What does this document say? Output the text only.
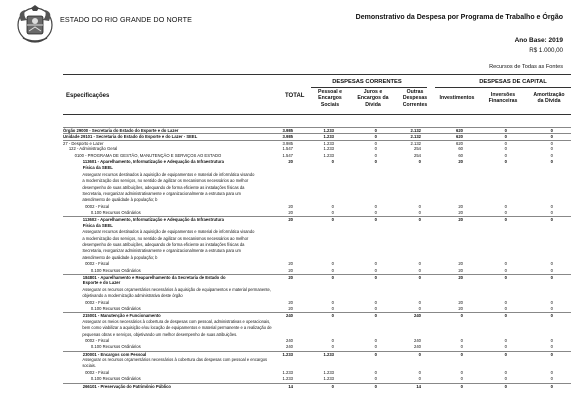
ESTADO DO RIO GRANDE DO NORTE	Demonstrativo da Despesa por Programa de Trabalho e Órgão
Ano Base: 2019
R$ 1.000,00
Recursos de Todas as Fontes
DESPESAS CORRENTES	DESPESAS DE CAPITAL
Especificações	TOTAL
Pessoal e
Encargos
Sociais
Juros e
Encargos da
Dívida
Outras
Despesas
Correntes
Investimentos	Inversões
Financeiras
Amortização
da Dívida
Órgão 29000 - Secretaria do Estado do Esporte e do Lazer	3.985	1.233	0	2.132	620	0	0
Unidade 29101 - Secretaria do Estado do Esporte e do Lazer - SEEL	3.985	1.233	0	2.132	620	0	0
27 - Desporto e Lazer	3.985	1.233	0	2.132	620	0	0
122 - Administração Geral	1.547	1.233	0	254	60	0	0
0100 - PROGRAMA DE GESTÃO, MANUTENÇÃO E SERVIÇOS AO ESTADO	1.547	1.233	0	254	60	0	0
113601 - Aparelhamento, Informatização e Adequação da Infraestrutura	20	0	0	0	20	0	0
Física da SEEL
Assegurar recursos destinados à aquisição de equipamentos e material de informática visando
a modernização dos serviços, no sentido de agilizar os mecanismos necessários ao melhor
desempenho de suas atribuições, adequando de forma eficiente as instalações físicas da
Secretaria, reorganizar administrativamente e organizacionalmente a estrutura para um
atendimento de qualidade à população; b
0002 - Fiscal	20	0	0	0	20	0	0
0.100 Recursos Ordinários	20	0	0	0	20	0	0
113602 - Aparelhamento, Informatização e Adequação da Infraestrutura	20	0	0	0	20	0	0
Física da SEEL
Assegurar recursos destinados à aquisição de equipamentos e material de informática visando
a modernização dos serviços, no sentido de agilizar os mecanismos necessários ao melhor
desempenho de suas atribuições, adequando de forma eficiente as instalações físicas da
Secretaria, reorganizar administrativamente e organizacionalmente a estrutura para um
atendimento de qualidade à população; b
0002 - Fiscal	20	0	0	0	20	0	0
0.100 Recursos Ordinários	20	0	0	0	20	0	0
184801 - Aparelhamento e Reaparelhamento da Secretaria de Estado do	20	0	0	0	20	0	0
Esporte e do Lazer
Assegurar os recursos orçamentários necessários à aquisição de equipamentos e material permanente,
objetivando a modernização administrativa deste órgão
0002 - Fiscal	20	0	0	0	20	0	0
0.100 Recursos Ordinários	20	0	0	0	20	0	0
215001 - Manutenção e Funcionamento	240	0	0	240	0	0	0
Assegurar os meios necessários à cobertura de despesas com pessoal, administrativas e operacionais,
bem como viabilizar a aquisição e/ou locação de equipamentos e material permanente e a realização de
pequenas obras e serviços, objetivando um melhor desempenho de suas atribuições.
0002 - Fiscal	240	0	0	240	0	0	0
0.100 Recursos Ordinários	240	0	0	240	0	0	0
230001 - Encargos com Pessoal	1.233	1.233	0	0	0	0	0
Assegurar os recursos orçamentários necessários à cobertura das despesas com pessoal e encargos
sociais.
0002 - Fiscal	1.233	1.233	0	0	0	0	0
0.100 Recursos Ordinários	1.233	1.233	0	0	0	0	0
266101 - Preservação do Patrimônio Público	14	0	0	14	0	0	0
